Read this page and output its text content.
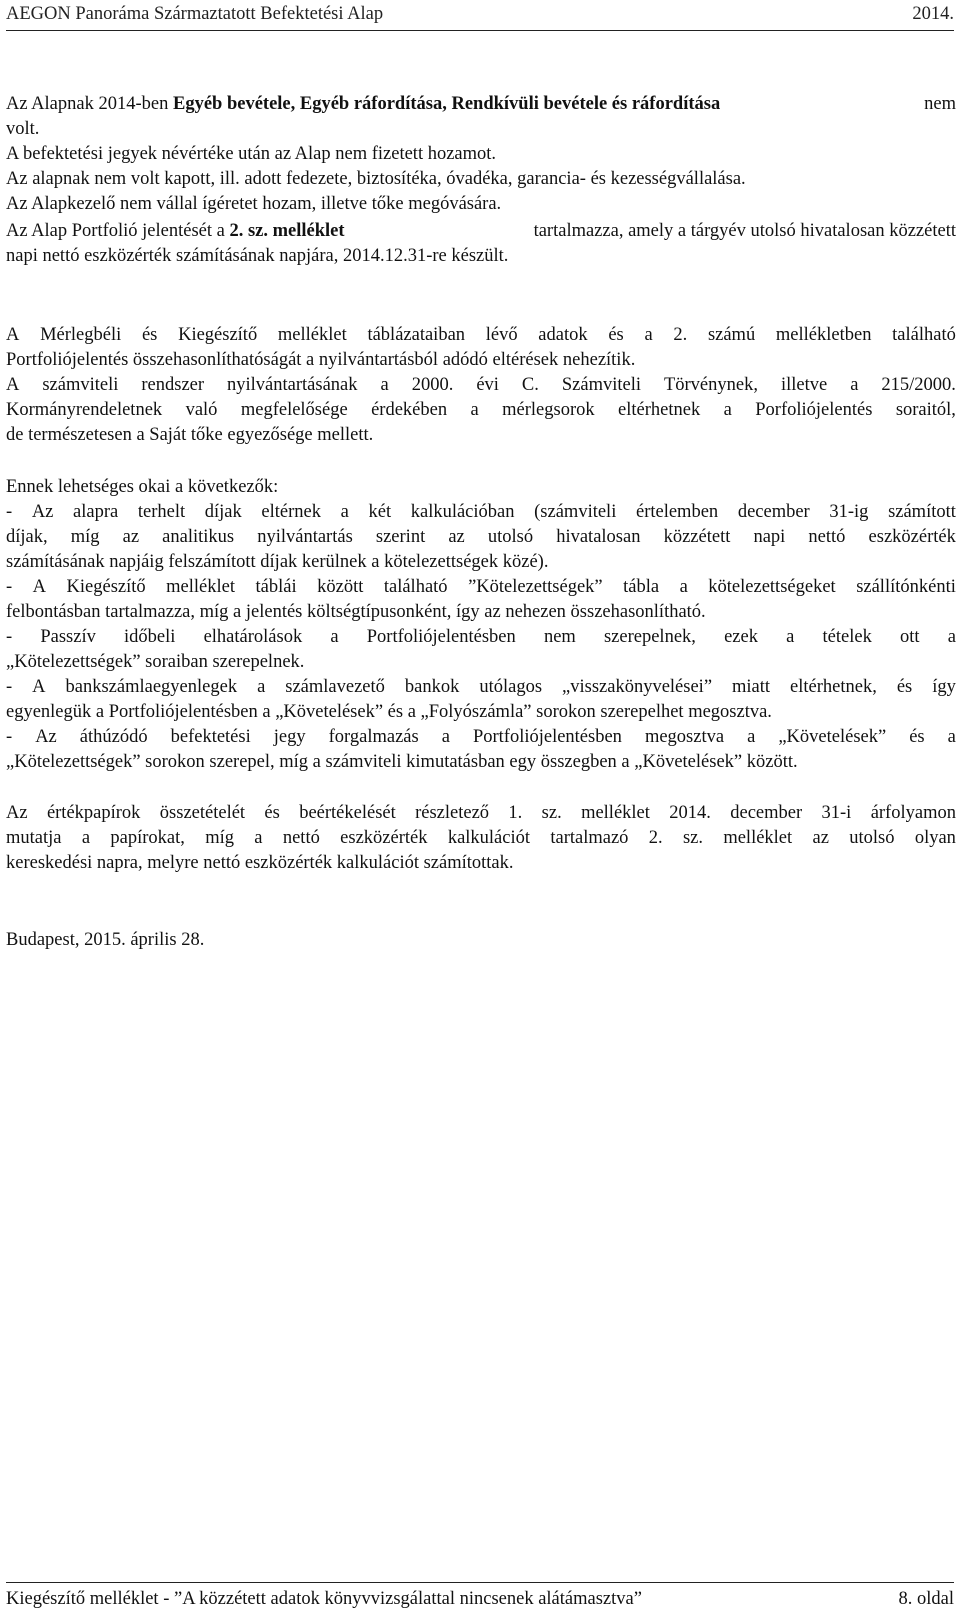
AEGON Panoráma Származtatott Befektetési Alap	2014.
Az Alapnak 2014-ben Egyéb bevétele, Egyéb ráfordítása, Rendkívüli bevétele és ráfordítása	nem
volt.
A befektetési jegyek névértéke után az Alap nem fizetett hozamot.
Az alapnak nem volt kapott, ill. adott fedezete, biztosítéka, óvadéka, garancia- és kezességvállalása.
Az Alapkezelő nem vállal ígéretet hozam, illetve tőke megóvására.
Az Alap Portfolió jelentését a 2. sz. melléklet	tartalmazza, amely a tárgyév utolsó hivatalosan közzétett
napi nettó eszközérték számításának napjára, 2014.12.31-re készült.
A Mérlegbéli és Kiegészítő melléklet táblázataiban lévő adatok és a 2. számú mellékletben található
Portfoliójelentés összehasonlíthatóságát a nyilvántartásból adódó eltérések nehezítik.
A számviteli rendszer nyilvántartásának a 2000. évi C. Számviteli Törvénynek, illetve a 215/2000.
Kormányrendeletnek való megfelelősége érdekében a mérlegsorok eltérhetnek a Porfoliójelentés soraitól,
de természetesen a Saját tőke egyezősége mellett.
Ennek lehetséges okai a következők:
- Az alapra terhelt díjak eltérnek a két kalkulációban (számviteli értelemben december 31-ig számított
díjak, míg az analitikus nyilvántartás szerint az utolsó hivatalosan közzétett napi nettó eszközérték
számításának napjáig felszámított díjak kerülnek a kötelezettségek közé).
- A Kiegészítő melléklet táblái között található ”Kötelezettségek” tábla a kötelezettségeket szállítónkénti
felbontásban tartalmazza, míg a jelentés költségtípusonként, így az nehezen összehasonlítható.
- Passzív időbeli elhatárolások a Portfoliójelentésben nem szerepelnek, ezek a tételek ott a
„Kötelezettségek” soraiban szerepelnek.
- A bankszámlaegyenlegek a számlavezető bankok utólagos „visszakönyvelései” miatt eltérhetnek, és így
egyenlegük a Portfoliójelentésben a „Követelések” és a „Folyószámla” sorokon szerepelhet megosztva.
- Az áthúzódó befektetési jegy forgalmazás a Portfoliójelentésben megosztva a „Követelések” és a
„Kötelezettségek” sorokon szerepel, míg a számviteli kimutatásban egy összegben a „Követelések” között.
Az értékpapírok összetételét és beértékelését részletező 1. sz. melléklet 2014. december 31-i árfolyamon
mutatja a papírokat, míg a nettó eszközérték kalkulációt tartalmazó 2. sz. melléklet az utolsó olyan
kereskedési napra, melyre nettó eszközérték kalkulációt számítottak.
Budapest, 2015. április 28.
Kiegészítő melléklet - ”A közzétett adatok könyvvizsgálattal nincsenek alátámasztva”	8. oldal
